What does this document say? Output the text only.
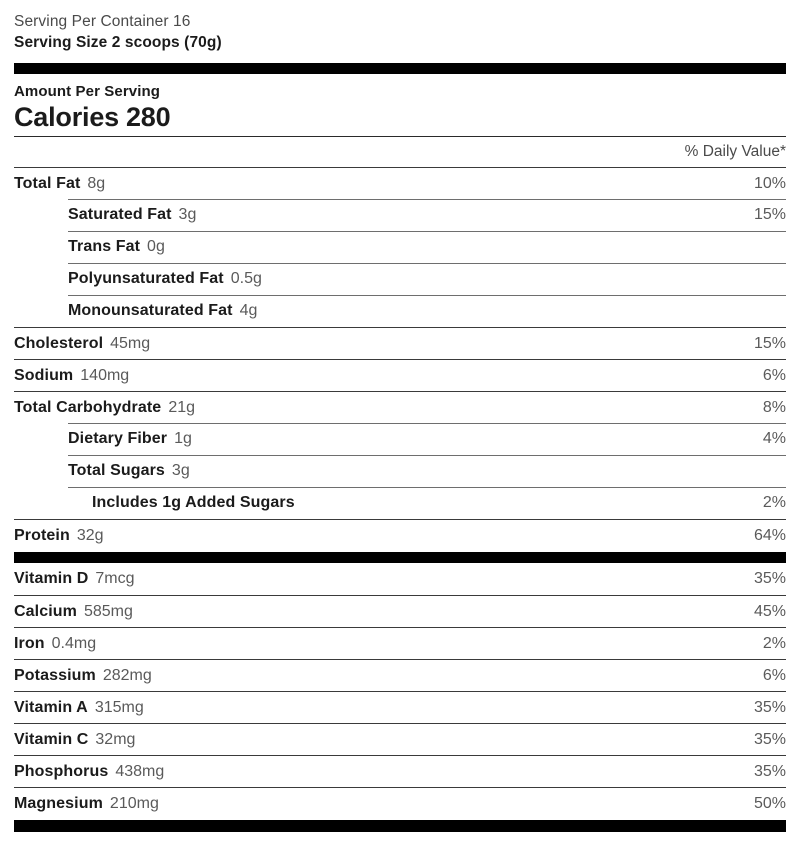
Serving Per Container 16
Serving Size 2 scoops (70g)
Amount Per Serving
Calories 280
% Daily Value*
Total Fat 8g	10%
Saturated Fat 3g	15%
Trans Fat 0g
Polyunsaturated Fat 0.5g
Monounsaturated Fat 4g
Cholesterol 45mg	15%
Sodium 140mg	6%
Total Carbohydrate 21g	8%
Dietary Fiber 1g	4%
Total Sugars 3g
Includes 1g Added Sugars	2%
Protein 32g	64%
Vitamin D 7mcg	35%
Calcium 585mg	45%
Iron 0.4mg	2%
Potassium 282mg	6%
Vitamin A 315mg	35%
Vitamin C 32mg	35%
Phosphorus 438mg	35%
Magnesium 210mg	50%
